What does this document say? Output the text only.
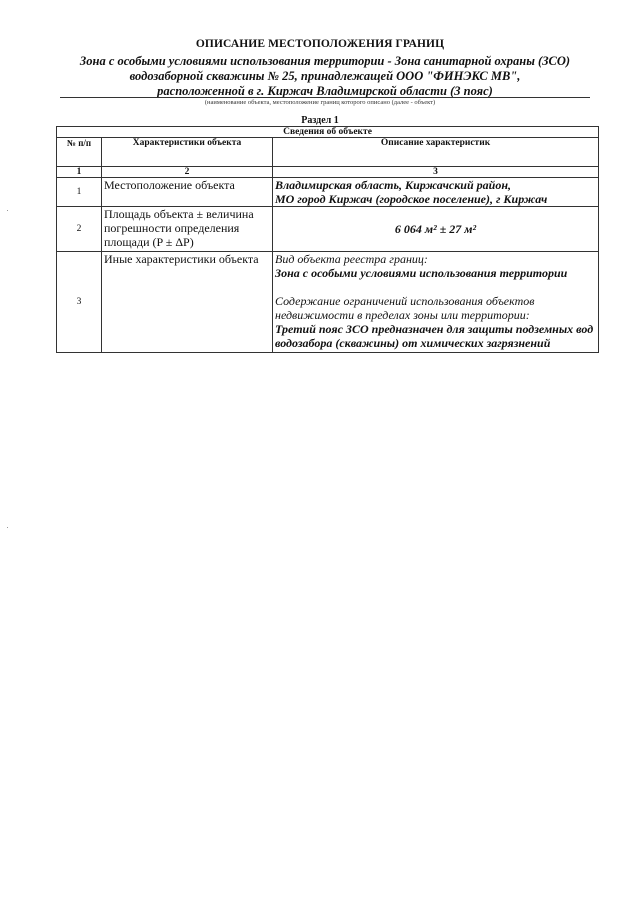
ОПИСАНИЕ МЕСТОПОЛОЖЕНИЯ ГРАНИЦ
Зона с особыми условиями использования территории - Зона санитарной охраны (ЗСО)
водозаборной скважины № 25, принадлежащей ООО "ФИНЭКС МВ",
расположенной в г. Киржач Владимирской области (3 пояс)
(наименование объекта, местоположение границ которого описано (далее - объект)
Раздел 1
Сведения об объекте		
№ п/п	Характеристики объекта	Описание характеристик
1	2	3
1	Местоположение объекта	Владимирская область, Киржачский район,
МО город Киржач (городское поселение), г Киржач
2	Площадь объекта ± величина погрешности определения площади (P ± ΔP)	6 064 м² ± 27 м²
3	Иные характеристики объекта	Вид объекта реестра границ:
Зона с особыми условиями использования территории
Содержание ограничений использования объектов недвижимости в пределах зоны или территории:
Третий пояс ЗСО предназначен для защиты подземных вод водозабора (скважины) от химических загрязнений
